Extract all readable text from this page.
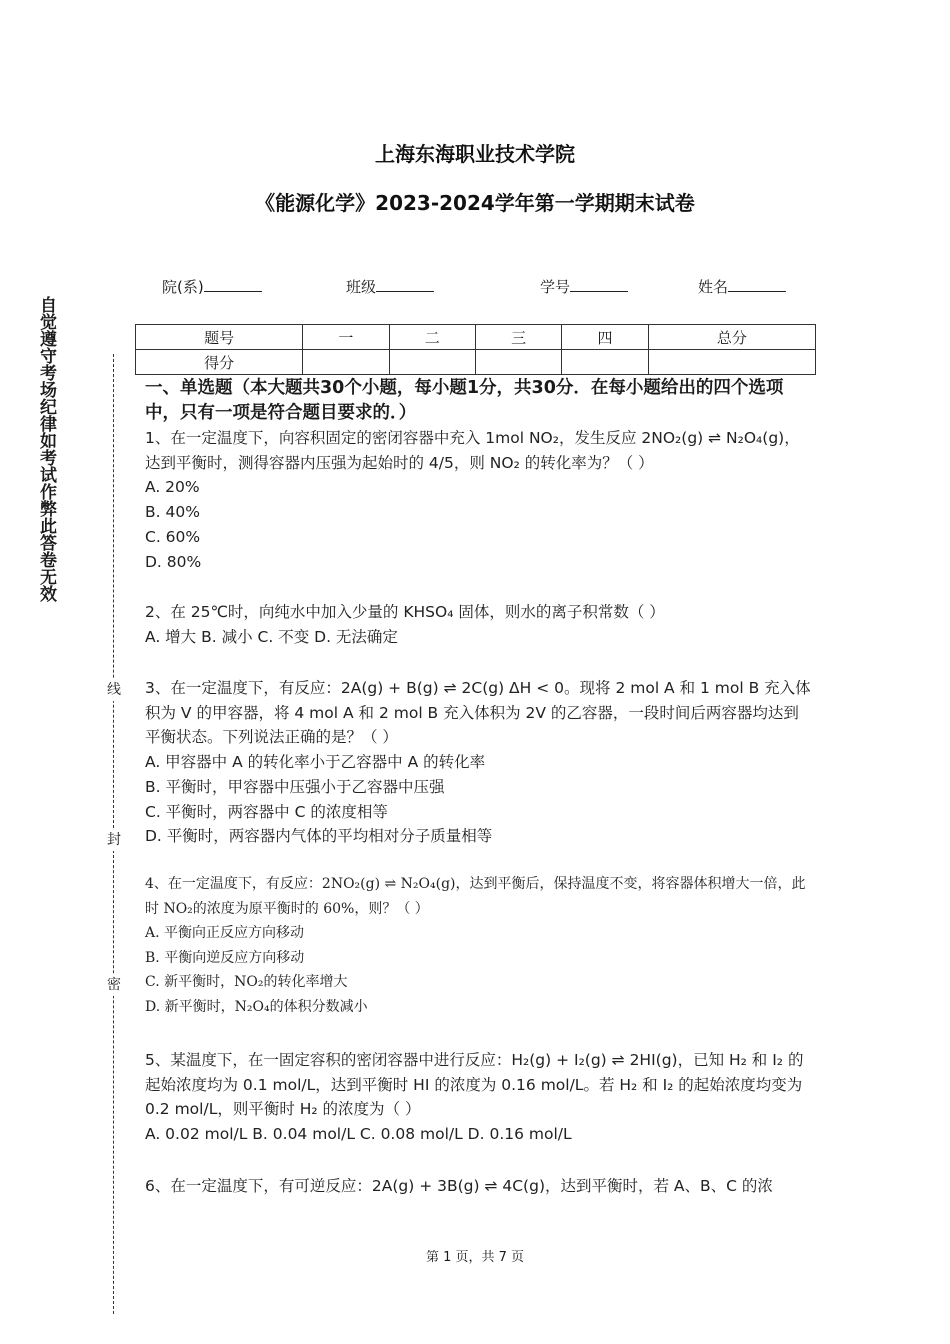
上海东海职业技术学院
《能源化学》2023-2024学年第一学期期末试卷
院(系)	班级	学号	姓名
题号	一	二	三	四	总分
得分					
自觉遵守考场纪律如考试作弊此答卷无效
线
封
密
一、单选题（本大题共30个小题，每小题1分，共30分．在每小题给出的四个选项中，只有一项是符合题目要求的．）
1、在一定温度下，向容积固定的密闭容器中充入 1mol NO₂，发生反应 2NO₂(g) ⇌ N₂O₄(g)，达到平衡时，测得容器内压强为起始时的 4/5，则 NO₂ 的转化率为？（ ）
A. 20%
B. 40%
C. 60%
D. 80%
2、在 25℃时，向纯水中加入少量的 KHSO₄ 固体，则水的离子积常数（ ）
A. 增大 B. 减小 C. 不变 D. 无法确定
3、在一定温度下，有反应：2A(g) + B(g) ⇌ 2C(g) ΔH < 0。现将 2 mol A 和 1 mol B 充入体积为 V 的甲容器，将 4 mol A 和 2 mol B 充入体积为 2V 的乙容器，一段时间后两容器均达到平衡状态。下列说法正确的是？（ ）
A. 甲容器中 A 的转化率小于乙容器中 A 的转化率
B. 平衡时，甲容器中压强小于乙容器中压强
C. 平衡时，两容器中 C 的浓度相等
D. 平衡时，两容器内气体的平均相对分子质量相等
4、在一定温度下，有反应：2NO₂(g) ⇌ N₂O₄(g)，达到平衡后，保持温度不变，将容器体积增大一倍，此时 NO₂的浓度为原平衡时的 60%，则？（ ）
A. 平衡向正反应方向移动
B. 平衡向逆反应方向移动
C. 新平衡时，NO₂的转化率增大
D. 新平衡时，N₂O₄的体积分数减小
5、某温度下，在一固定容积的密闭容器中进行反应：H₂(g) + I₂(g) ⇌ 2HI(g)，已知 H₂ 和 I₂ 的起始浓度均为 0.1 mol/L，达到平衡时 HI 的浓度为 0.16 mol/L。若 H₂ 和 I₂ 的起始浓度均变为 0.2 mol/L，则平衡时 H₂ 的浓度为（ ）
A. 0.02 mol/L B. 0.04 mol/L C. 0.08 mol/L D. 0.16 mol/L
6、在一定温度下，有可逆反应：2A(g) + 3B(g) ⇌ 4C(g)，达到平衡时，若 A、B、C 的浓
第 1 页，共 7 页
